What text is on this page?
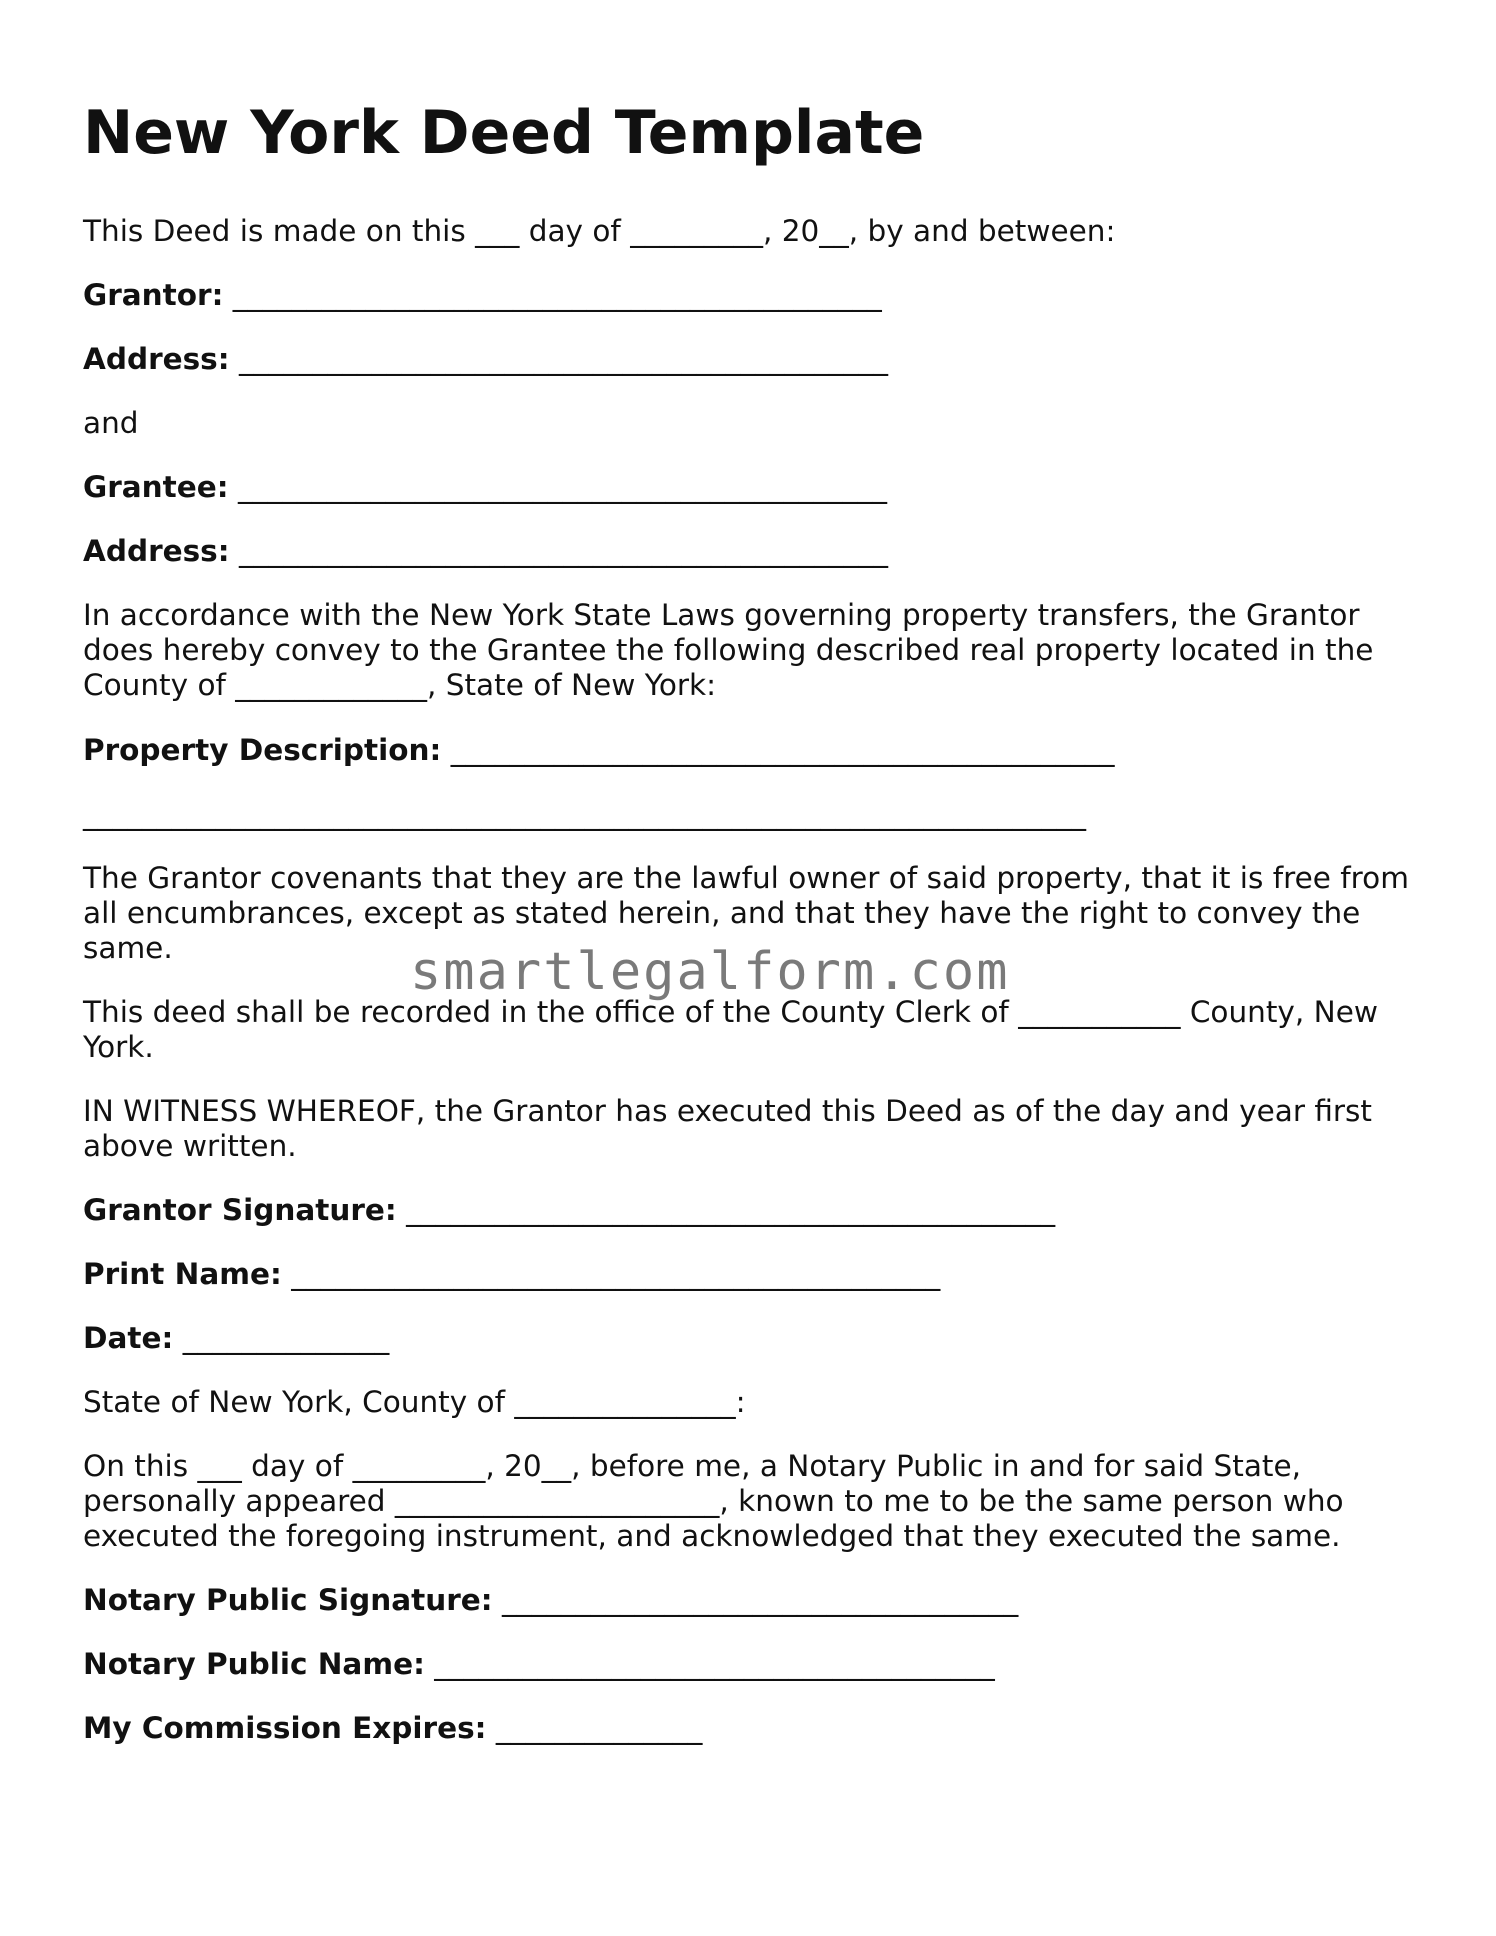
New York Deed Template

This Deed is made on this ___ day of _________, 20__, by and between:

Grantor: ____________________________________________

Address: ____________________________________________

and

Grantee: ____________________________________________

Address: ____________________________________________

In accordance with the New York State Laws governing property transfers, the Grantor
does hereby convey to the Grantee the following described real property located in the
County of _____________, State of New York:

Property Description: _____________________________________________

____________________________________________________________________

The Grantor covenants that they are the lawful owner of said property, that it is free from
all encumbrances, except as stated herein, and that they have the right to convey the
same.	smartlegalform.com

This deed shall be recorded in the office of the County Clerk of ___________ County, New
York.
IN WITNESS WHEREOF, the Grantor has executed this Deed as of the day and year first
above written.

Grantor Signature: ____________________________________________

Print Name: ____________________________________________

Date: ______________

State of New York, County of _______________:

On this ___ day of _________, 20__, before me, a Notary Public in and for said State,
personally appeared ______________________, known to me to be the same person who
executed the foregoing instrument, and acknowledged that they executed the same.

Notary Public Signature: ___________________________________

Notary Public Name: ______________________________________

My Commission Expires: ______________
